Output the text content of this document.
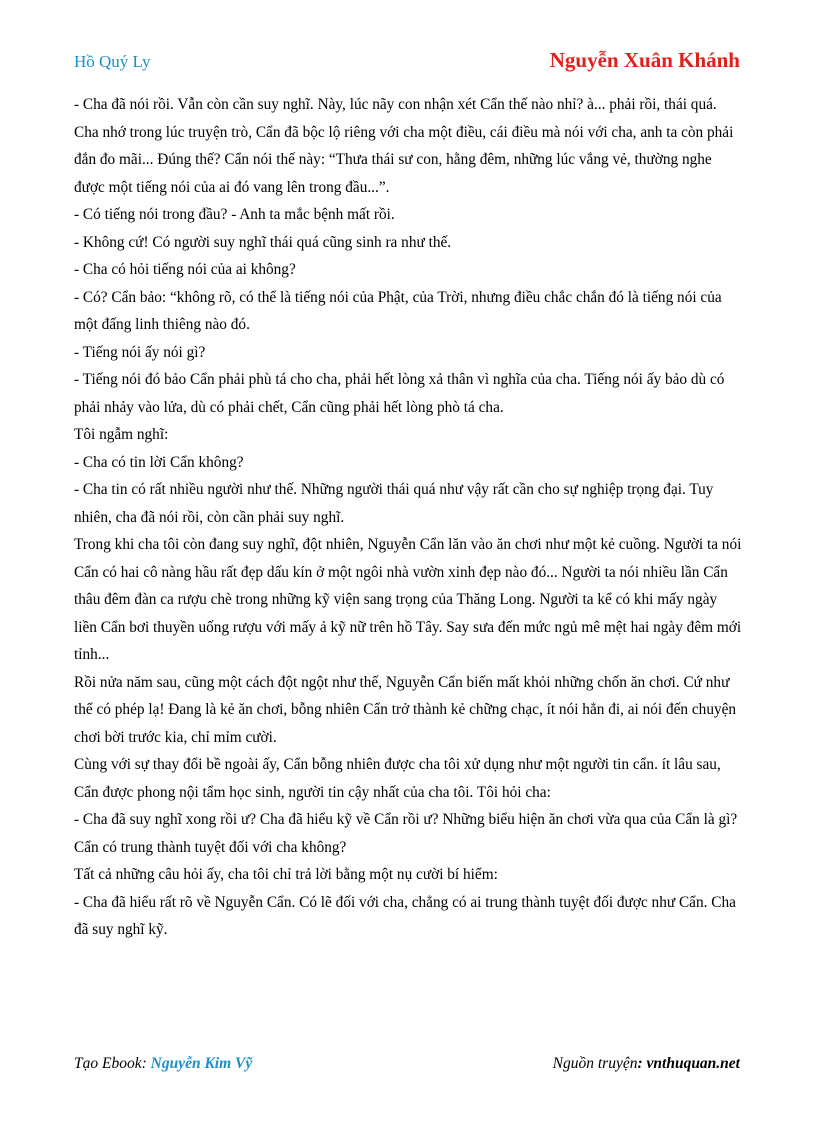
Hồ Quý Ly	Nguyễn Xuân Khánh

- Cha đã nói rồi. Vẫn còn cần suy nghĩ. Này, lúc nãy con nhận xét Cẩn thế nào nhỉ? à... phải rồi, thái quá. Cha nhớ trong lúc truyện trò, Cẩn đã bộc lộ riêng với cha một điều, cái điều mà nói với cha, anh ta còn phải đắn đo mãi... Đúng thế? Cẩn nói thế này: “Thưa thái sư con, hằng đêm, những lúc vắng vẻ, thường nghe được một tiếng nói của ai đó vang lên trong đầu...”.

- Có tiếng nói trong đầu? - Anh ta mắc bệnh mất rồi.

- Không cứ! Có người suy nghĩ thái quá cũng sinh ra như thế.

- Cha có hỏi tiếng nói của ai không?

- Có? Cẩn bảo: “không rõ, có thể là tiếng nói của Phật, của Trời, nhưng điều chắc chắn đó là tiếng nói của một đấng linh thiêng nào đó.

- Tiếng nói ấy nói gì?

- Tiếng nói đó bảo Cẩn phải phù tá cho cha, phải hết lòng xả thân vì nghĩa của cha. Tiếng nói ấy bảo dù có phải nhảy vào lửa, dù có phải chết, Cẩn cũng phải hết lòng phò tá cha.

Tôi ngẫm nghĩ:

- Cha có tin lời Cẩn không?

- Cha tin có rất nhiều người như thế. Những người thái quá như vậy rất cần cho sự nghiệp trọng đại. Tuy nhiên, cha đã nói rồi, còn cần phải suy nghĩ.

Trong khi cha tôi còn đang suy nghĩ, đột nhiên, Nguyễn Cẩn lăn vào ăn chơi như một kẻ cuồng. Người ta nói Cẩn có hai cô nàng hầu rất đẹp dấu kín ở một ngôi nhà vườn xinh đẹp nào đó... Người ta nói nhiều lần Cẩn thâu đêm đàn ca rượu chè trong những kỹ viện sang trọng của Thăng Long. Người ta kể có khi mấy ngày liền Cẩn bơi thuyền uống rượu với mấy ả kỹ nữ trên hồ Tây. Say sưa đến mức ngủ mê mệt hai ngày đêm mới tỉnh...

Rồi nửa năm sau, cũng một cách đột ngột như thế, Nguyễn Cẩn biến mất khỏi những chốn ăn chơi. Cứ như thể có phép lạ! Đang là kẻ ăn chơi, bỗng nhiên Cẩn trở thành kẻ chững chạc, ít nói hẳn đi, ai nói đến chuyện chơi bời trước kia, chỉ mỉm cười.

Cùng với sự thay đổi bề ngoài ấy, Cẩn bỗng nhiên được cha tôi xử dụng như một người tin cẩn. ít lâu sau, Cẩn được phong nội tẩm học sinh, người tin cậy nhất của cha tôi. Tôi hỏi cha:

- Cha đã suy nghĩ xong rồi ư? Cha đã hiểu kỹ về Cẩn rồi ư? Những biểu hiện ăn chơi vừa qua của Cẩn là gì? Cẩn có trung thành tuyệt đối với cha không?

Tất cả những câu hỏi ấy, cha tôi chỉ trả lời bằng một nụ cười bí hiểm:

- Cha đã hiểu rất rõ về Nguyễn Cẩn. Có lẽ đối với cha, chẳng có ai trung thành tuyệt đối được như Cẩn. Cha đã suy nghĩ kỹ.

Tạo Ebook: Nguyễn Kim Vỹ	Nguồn truyện: vnthuquan.net
